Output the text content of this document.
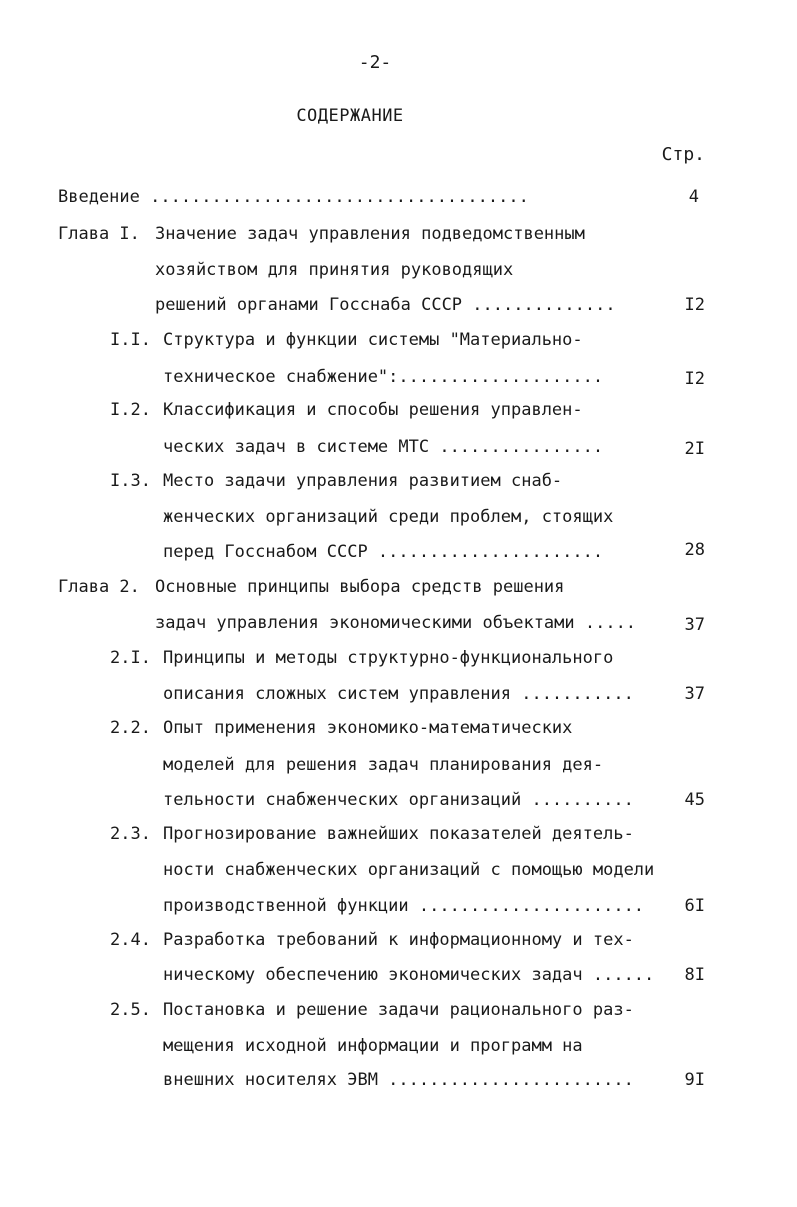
-2-
СОДЕРЖАНИЕ
Стр.
Введение .....................................	4
Глава I. Значение задач управления подведомственным
хозяйством для принятия руководящих
решений органами Госснаба СССР ..............	I2
I.I. Структура и функции системы "Материально-
техническое снабжение":....................	I2
I.2. Классификация и способы решения управлен-
ческих задач в системе МТС ................	2I
I.3. Место задачи управления развитием снаб-
женческих организаций среди проблем, стоящих
перед Госснабом СССР ......................	28
Глава 2. Основные принципы выбора средств решения
задач управления экономическими объектами .....	37
2.I. Принципы и методы структурно-функционального
описания сложных систем управления ...........	37
2.2. Опыт применения экономико-математических
моделей для решения задач планирования дея-
тельности снабженческих организаций ..........	45
2.3. Прогнозирование важнейших показателей деятель-
ности снабженческих организаций с помощью модели
производственной функции ...................... 6I
2.4. Разработка требований к информационному и тех-
ническому обеспечению экономических задач ...... 8I
2.5. Постановка и решение задачи рационального раз-
мещения исходной информации и программ на
внешних носителях ЭВМ ........................	9I
